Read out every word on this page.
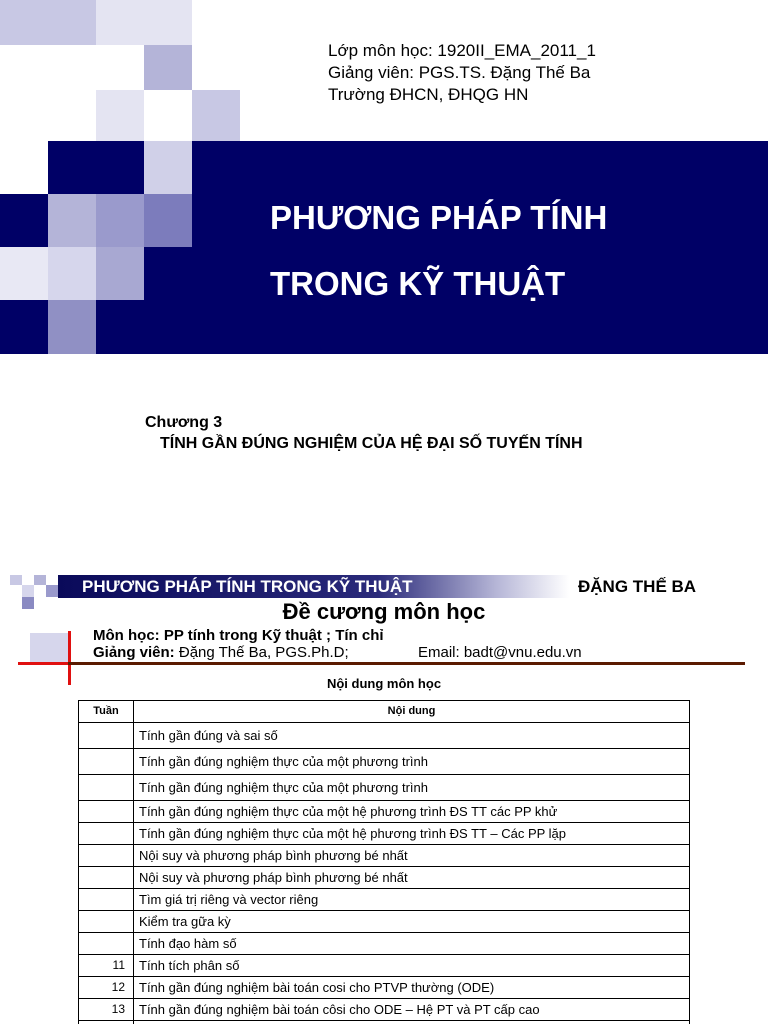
Lớp môn học: 1920II_EMA_2011_1
Giảng viên: PGS.TS. Đặng Thế Ba
Trường ĐHCN, ĐHQG HN
PHƯƠNG PHÁP TÍNH
TRONG KỸ THUẬT
Chương 3
TÍNH GẦN ĐÚNG NGHIỆM CỦA HỆ ĐẠI SỐ TUYẾN TÍNH
PHƯƠNG PHÁP TÍNH TRONG KỸ THUẬT	ĐẶNG THẾ BA
Đề cương môn học
Môn học: PP tính trong Kỹ thuật ; Tín chỉ
Giảng viên: Đặng Thế Ba, PGS.Ph.D;	Email: badt@vnu.edu.vn
Nội dung môn học
Tuần	Nội dung
	Tính gần đúng và sai số
	Tính gần đúng nghiệm thực của một phương trình
	Tính gần đúng nghiệm thực của một phương trình
	Tính gần đúng nghiệm thực của một hệ phương trình ĐS TT các PP khử
	Tính gần đúng nghiệm thực của một hệ phương trình ĐS TT – Các PP lặp
	Nội suy và phương pháp bình phương bé nhất
	Nội suy và phương pháp bình phương bé nhất
	Tìm giá trị riêng và vector riêng
	Kiểm tra gữa kỳ
	Tính đạo hàm số
11	Tính tích phân số
12	Tính gần đúng nghiệm bài toán cosi cho PTVP thường (ODE)
13	Tính gần đúng nghiệm bài toán côsi cho ODE – Hệ PT và PT cấp cao
